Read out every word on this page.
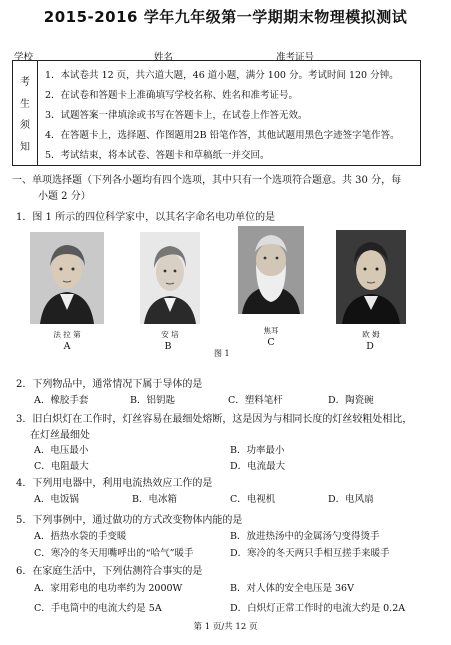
2015-2016 学年九年级第一学期期末物理模拟测试
学校	姓名	准考证号
考
生
须
知
1．本试卷共 12 页，共六道大题，46 道小题，满分 100 分。考试时间 120 分钟。
2．在试卷和答题卡上准确填写学校名称、姓名和准考证号。
3．试题答案一律填涂或书写在答题卡上，在试卷上作答无效。
4．在答题卡上，选择题、作图题用2B 铅笔作答，其他试题用黑色字迹签字笔作答。
5．考试结束，将本试卷、答题卡和草稿纸一并交回。
一、单项选择题（下列各小题均有四个选项，其中只有一个选项符合题意。共 30 分，每
小题 2 分）
1．图 1 所示的四位科学家中，以其名字命名电功单位的是
法 拉 第
A
安 培
B
焦耳
C
欧 姆
D
图 1
2．下列物品中，通常情况下属于导体的是
A．橡胶手套	B．铝钥匙	C．塑料笔杆	D．陶瓷碗
3．旧白炽灯在工作时，灯丝容易在最细处熔断，这是因为与相同长度的灯丝较粗处相比，
在灯丝最细处
A．电压最小	B．功率最小
C．电阻最大	D．电流最大
4．下列用电器中，利用电流热效应工作的是
A．电饭锅	B．电冰箱	C．电视机	D．电风扇
5．下列事例中，通过做功的方式改变物体内能的是
A．捂热水袋的手变暖	B．放进热汤中的金属汤勺变得烫手
C．寒冷的冬天用嘴呼出的“哈气”暖手	D．寒冷的冬天两只手相互搓手来暖手
6．在家庭生活中，下列估测符合事实的是
A．家用彩电的电功率约为 2000W	B．对人体的安全电压是 36V
C．手电筒中的电流大约是 5A	D．白炽灯正常工作时的电流大约是 0.2A
第 1 页/共 12 页
